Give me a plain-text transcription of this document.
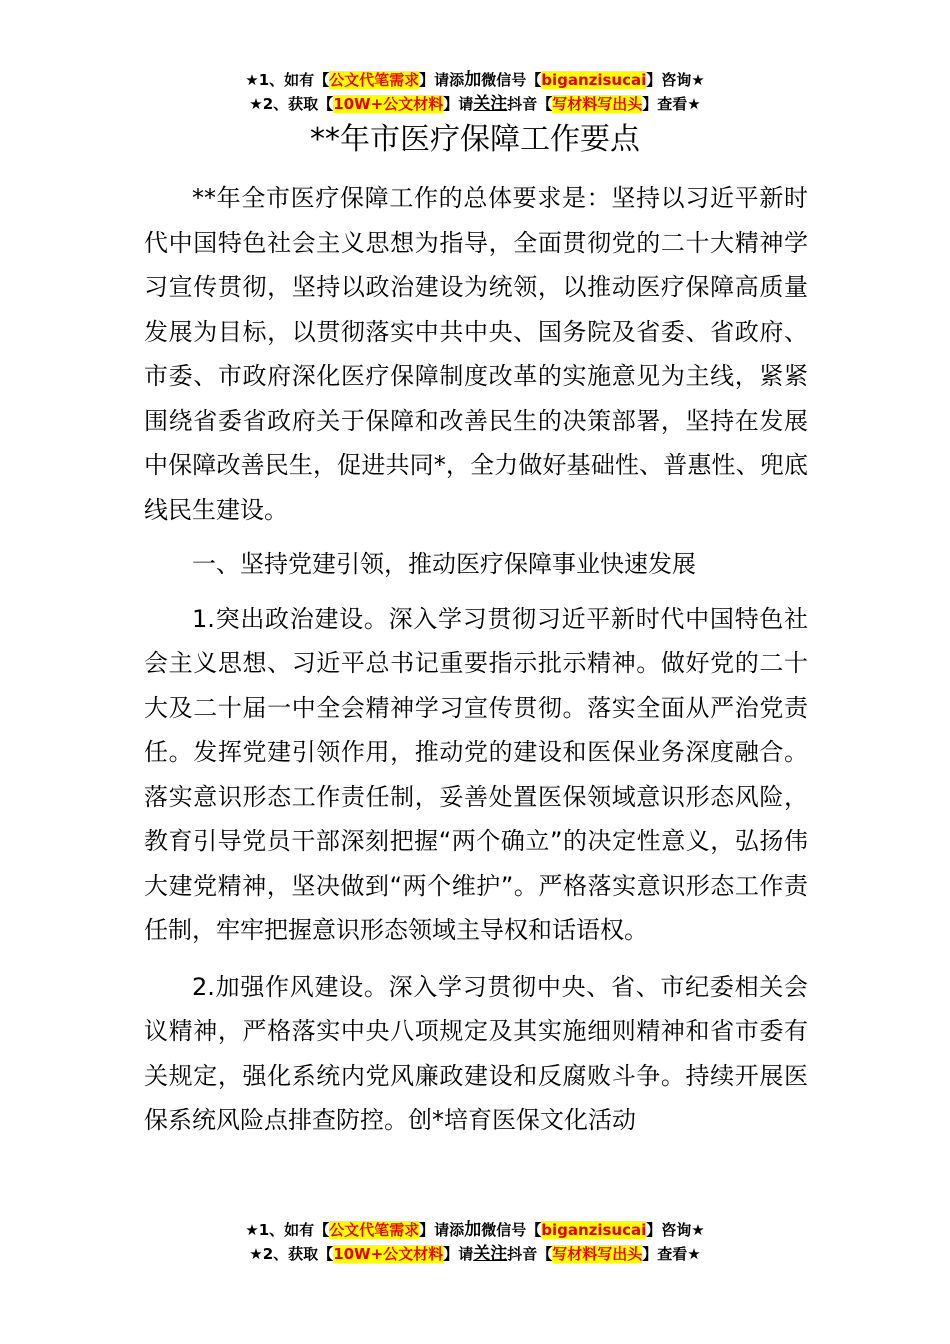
★1、如有【公文代笔需求】请添加微信号【biganzisucai】咨询★
★2、获取【10W+公文材料】请关注抖音【写材料写出头】查看★
**年市医疗保障工作要点

**年全市医疗保障工作的总体要求是：坚持以习近平新时代中国特色社会主义思想为指导，全面贯彻党的二十大精神学习宣传贯彻，坚持以政治建设为统领，以推动医疗保障高质量发展为目标，以贯彻落实中共中央、国务院及省委、省政府、市委、市政府深化医疗保障制度改革的实施意见为主线，紧紧围绕省委省政府关于保障和改善民生的决策部署，坚持在发展中保障改善民生，促进共同*，全力做好基础性、普惠性、兜底线民生建设。

一、坚持党建引领，推动医疗保障事业快速发展

1.突出政治建设。深入学习贯彻习近平新时代中国特色社会主义思想、习近平总书记重要指示批示精神。做好党的二十大及二十届一中全会精神学习宣传贯彻。落实全面从严治党责任。发挥党建引领作用，推动党的建设和医保业务深度融合。落实意识形态工作责任制，妥善处置医保领域意识形态风险，教育引导党员干部深刻把握“两个确立”的决定性意义，弘扬伟大建党精神，坚决做到“两个维护”。严格落实意识形态工作责任制，牢牢把握意识形态领域主导权和话语权。

2.加强作风建设。深入学习贯彻中央、省、市纪委相关会议精神，严格落实中央八项规定及其实施细则精神和省市委有关规定，强化系统内党风廉政建设和反腐败斗争。持续开展医保系统风险点排查防控。创*培育医保文化活动

★1、如有【公文代笔需求】请添加微信号【biganzisucai】咨询★
★2、获取【10W+公文材料】请关注抖音【写材料写出头】查看★
